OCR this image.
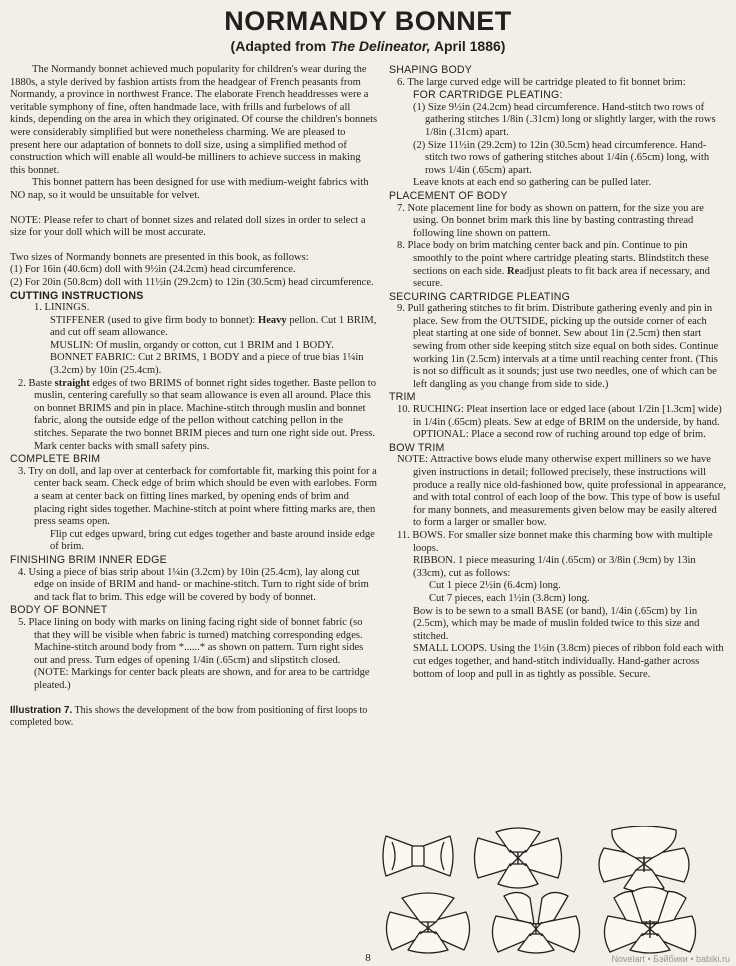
NORMANDY BONNET
(Adapted from The Delineator, April 1886)

The Normandy bonnet achieved much popularity for children's wear during the 1880s, a style derived by fashion artists from the headgear of French peasants from Normandy, a province in northwest France. The elaborate French headdresses were a veritable symphony of fine, often handmade lace, with frills and furbelows of all kinds, depending on the area in which they originated. Of course the children's bonnets were considerably simplified but were nonetheless charming. We are pleased to present here our adaptation of bonnets to doll size, using a simplified method of construction which will enable all would-be milliners to achieve success in making this bonnet.

This bonnet pattern has been designed for use with medium-weight fabrics with NO nap, so it would be unsuitable for velvet.

NOTE: Please refer to chart of bonnet sizes and related doll sizes in order to select a size for your doll which will be most accurate.

Two sizes of Normandy bonnets are presented in this book, as follows:

(1) For 16in (40.6cm) doll with 9½in (24.2cm) head circumference.

(2) For 20in (50.8cm) doll with 11½in (29.2cm) to 12in (30.5cm) head circumference.

CUTTING INSTRUCTIONS

1. LININGS.

STIFFENER (used to give firm body to bonnet): Heavy pellon. Cut 1 BRIM, and cut off seam allowance.

MUSLIN: Of muslin, organdy or cotton, cut 1 BRIM and 1 BODY.

BONNET FABRIC: Cut 2 BRIMS, 1 BODY and a piece of true bias 1¼in (3.2cm) by 10in (25.4cm).

2. Baste straight edges of two BRIMS of bonnet right sides together. Baste pellon to muslin, centering carefully so that seam allowance is even all around. Place this on bonnet BRIMS and pin in place. Machine-stitch through muslin and bonnet fabric, along the outside edge of the pellon without catching pellon in the stitches. Separate the two bonnet BRIM pieces and turn one right side out. Press. Mark center backs with small safety pins.

COMPLETE BRIM

3. Try on doll, and lap over at centerback for comfortable fit, marking this point for a center back seam. Check edge of brim which should be even with earlobes. Form a seam at center back on fitting lines marked, by opening ends of brim and placing right sides together. Machine-stitch at point where fitting marks are, then press seams open.

Flip cut edges upward, bring cut edges together and baste around inside edge of brim.

FINISHING BRIM INNER EDGE

4. Using a piece of bias strip about 1¼in (3.2cm) by 10in (25.4cm), lay along cut edge on inside of BRIM and hand- or machine-stitch. Turn to right side of brim and tack flat to brim. This edge will be covered by body of bonnet.

BODY OF BONNET

5. Place lining on body with marks on lining facing right side of bonnet fabric (so that they will be visible when fabric is turned) matching corresponding edges. Machine-stitch around body from *......* as shown on pattern. Turn right sides out and press. Turn edges of opening 1/4in (.65cm) and slipstitch closed.

(NOTE: Markings for center back pleats are shown, and for area to be cartridge pleated.)

Illustration 7. This shows the development of the bow from positioning of first loops to completed bow.

SHAPING BODY

6. The large curved edge will be cartridge pleated to fit bonnet brim:

FOR CARTRIDGE PLEATING:

(1) Size 9½in (24.2cm) head circumference. Hand-stitch two rows of gathering stitches 1/8in (.31cm) long or slightly larger, with the rows 1/8in (.31cm) apart.

(2) Size 11½in (29.2cm) to 12in (30.5cm) head circumference. Hand-stitch two rows of gathering stitches about 1/4in (.65cm) long, with rows 1/4in (.65cm) apart.

Leave knots at each end so gathering can be pulled later.

PLACEMENT OF BODY

7. Note placement line for body as shown on pattern, for the size you are using. On bonnet brim mark this line by basting contrasting thread following line shown on pattern.

8. Place body on brim matching center back and pin. Continue to pin smoothly to the point where cartridge pleating starts. Blindstitch these sections on each side. Readjust pleats to fit back area if necessary, and secure.

SECURING CARTRIDGE PLEATING

9. Pull gathering stitches to fit brim. Distribute gathering evenly and pin in place. Sew from the OUTSIDE, picking up the outside corner of each pleat starting at one side of bonnet. Sew about 1in (2.5cm) then start sewing from other side keeping stitch size equal on both sides. Continue working 1in (2.5cm) intervals at a time until reaching center front. (This is not so difficult as it sounds; just use two needles, one of which can be left dangling as you change from side to side.)

TRIM

10. RUCHING: Pleat insertion lace or edged lace (about 1/2in [1.3cm] wide) in 1/4in (.65cm) pleats. Sew at edge of BRIM on the underside, by hand.

OPTIONAL: Place a second row of ruching around top edge of brim.

BOW TRIM

NOTE: Attractive bows elude many otherwise expert milliners so we have given instructions in detail; followed precisely, these instructions will produce a really nice old-fashioned bow, quite professional in appearance, and with total control of each loop of the bow. This type of bow is useful for many bonnets, and measurements given below may be easily altered to form a larger or smaller bow.

11. BOWS. For smaller size bonnet make this charming bow with multiple loops.

RIBBON. 1 piece measuring 1/4in (.65cm) or 3/8in (.9cm) by 13in (33cm), cut as follows:

Cut 1 piece 2½in (6.4cm) long.

Cut 7 pieces, each 1½in (3.8cm) long.

Bow is to be sewn to a small BASE (or band), 1/4in (.65cm) by 1in (2.5cm), which may be made of muslin folded twice to this size and stitched.

SMALL LOOPS. Using the 1½in (3.8cm) pieces of ribbon fold each with cut edges together, and hand-stitch individually. Hand-gather across bottom of loop and pull in as tightly as possible. Secure.

8	Novelart • Бэйбики • babiki.ru
